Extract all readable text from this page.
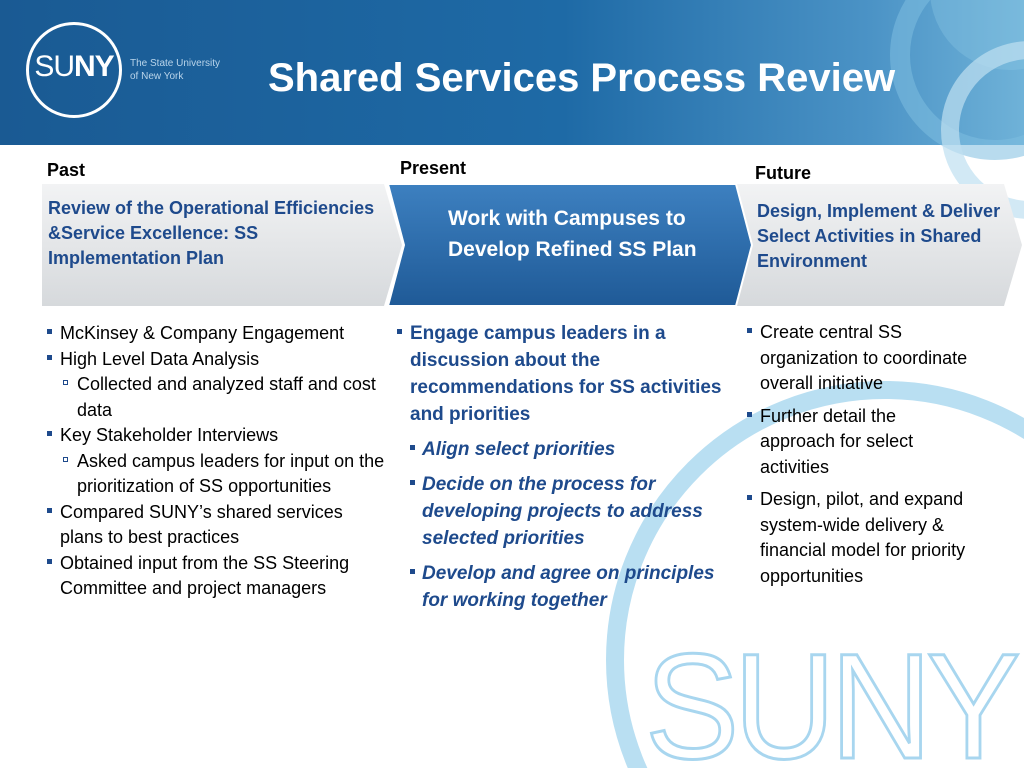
SUNY
SUNY	The State University
of New York	Shared Services Process Review
Past	Present	Future
Review of the Operational Efficiencies &Service Excellence: SS Implementation Plan
Work with Campuses to Develop Refined SS Plan
Design, Implement & Deliver Select Activities in Shared Environment
McKinsey & Company Engagement
High Level Data Analysis
Collected and analyzed staff and cost data
Key Stakeholder Interviews
Asked campus leaders for input on the prioritization of SS opportunities
Compared SUNY’s shared services plans to best practices
Obtained input from the SS Steering Committee and project managers
Engage campus leaders in a discussion about the recommendations for SS activities and priorities
Align select priorities
Decide on the process for developing projects to address selected priorities
Develop and agree on principles for working together
Create central SS organization to coordinate overall initiative
Further detail the approach for select activities
Design, pilot, and expand system-wide delivery & financial model for priority opportunities
